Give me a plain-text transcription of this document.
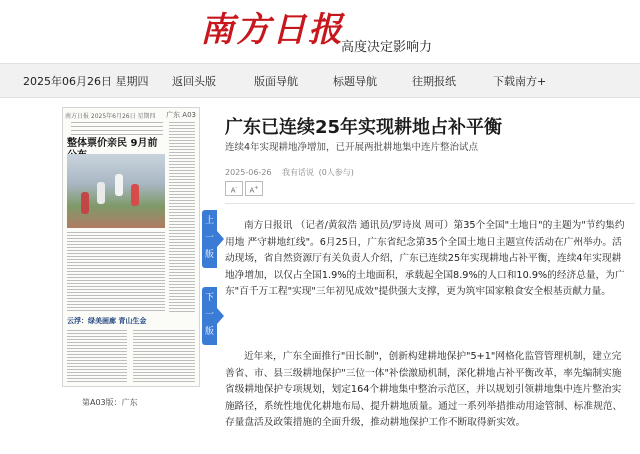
南方日报
高度决定影响力
2025年06月26日 星期四 返回头版	版面导航	标题导航	往期报纸	下载南方+
南方日报 2025年6月26日 星期四	广东 A03
整体票价亲民 9月前
云浮：绿美画廊 青山生金
第A03版：广东
上
一
版
下
一
版
广东已连续25年实现耕地占补平衡
连续4年实现耕地净增加，已开展两批耕地集中连片整治试点
2025-06-26 我有话说 (0人参与)
A-	A+

南方日报讯 （记者/黄叙浩 通讯员/罗诗岚 周可）第35个全国"土地日"的主题为"节约集约用地 严守耕地红线"。6月25日，广东省纪念第35个全国土地日主题宣传活动在广州举办。活动现场，省自然资源厅有关负责人介绍，广东已连续25年实现耕地占补平衡，连续4年实现耕地净增加，以仅占全国1.9%的土地面积，承载起全国8.9%的人口和10.9%的经济总量，为广东"百千万工程"实现"三年初见成效"提供强大支撑，更为筑牢国家粮食安全根基贡献力量。

近年来，广东全面推行"田长制"，创新构建耕地保护"5+1"网格化监管管理机制，建立完善省、市、县三级耕地保护"三位一体"补偿激励机制，深化耕地占补平衡改革，率先编制实施省级耕地保护专项规划，划定164个耕地集中整治示范区，并以规划引领耕地集中连片整治实施路径，系统性地优化耕地布局、提升耕地质量。通过一系列举措推动用途管制、标准规范、存量盘活及政策措施的全面升级，推动耕地保护工作不断取得新实效。
